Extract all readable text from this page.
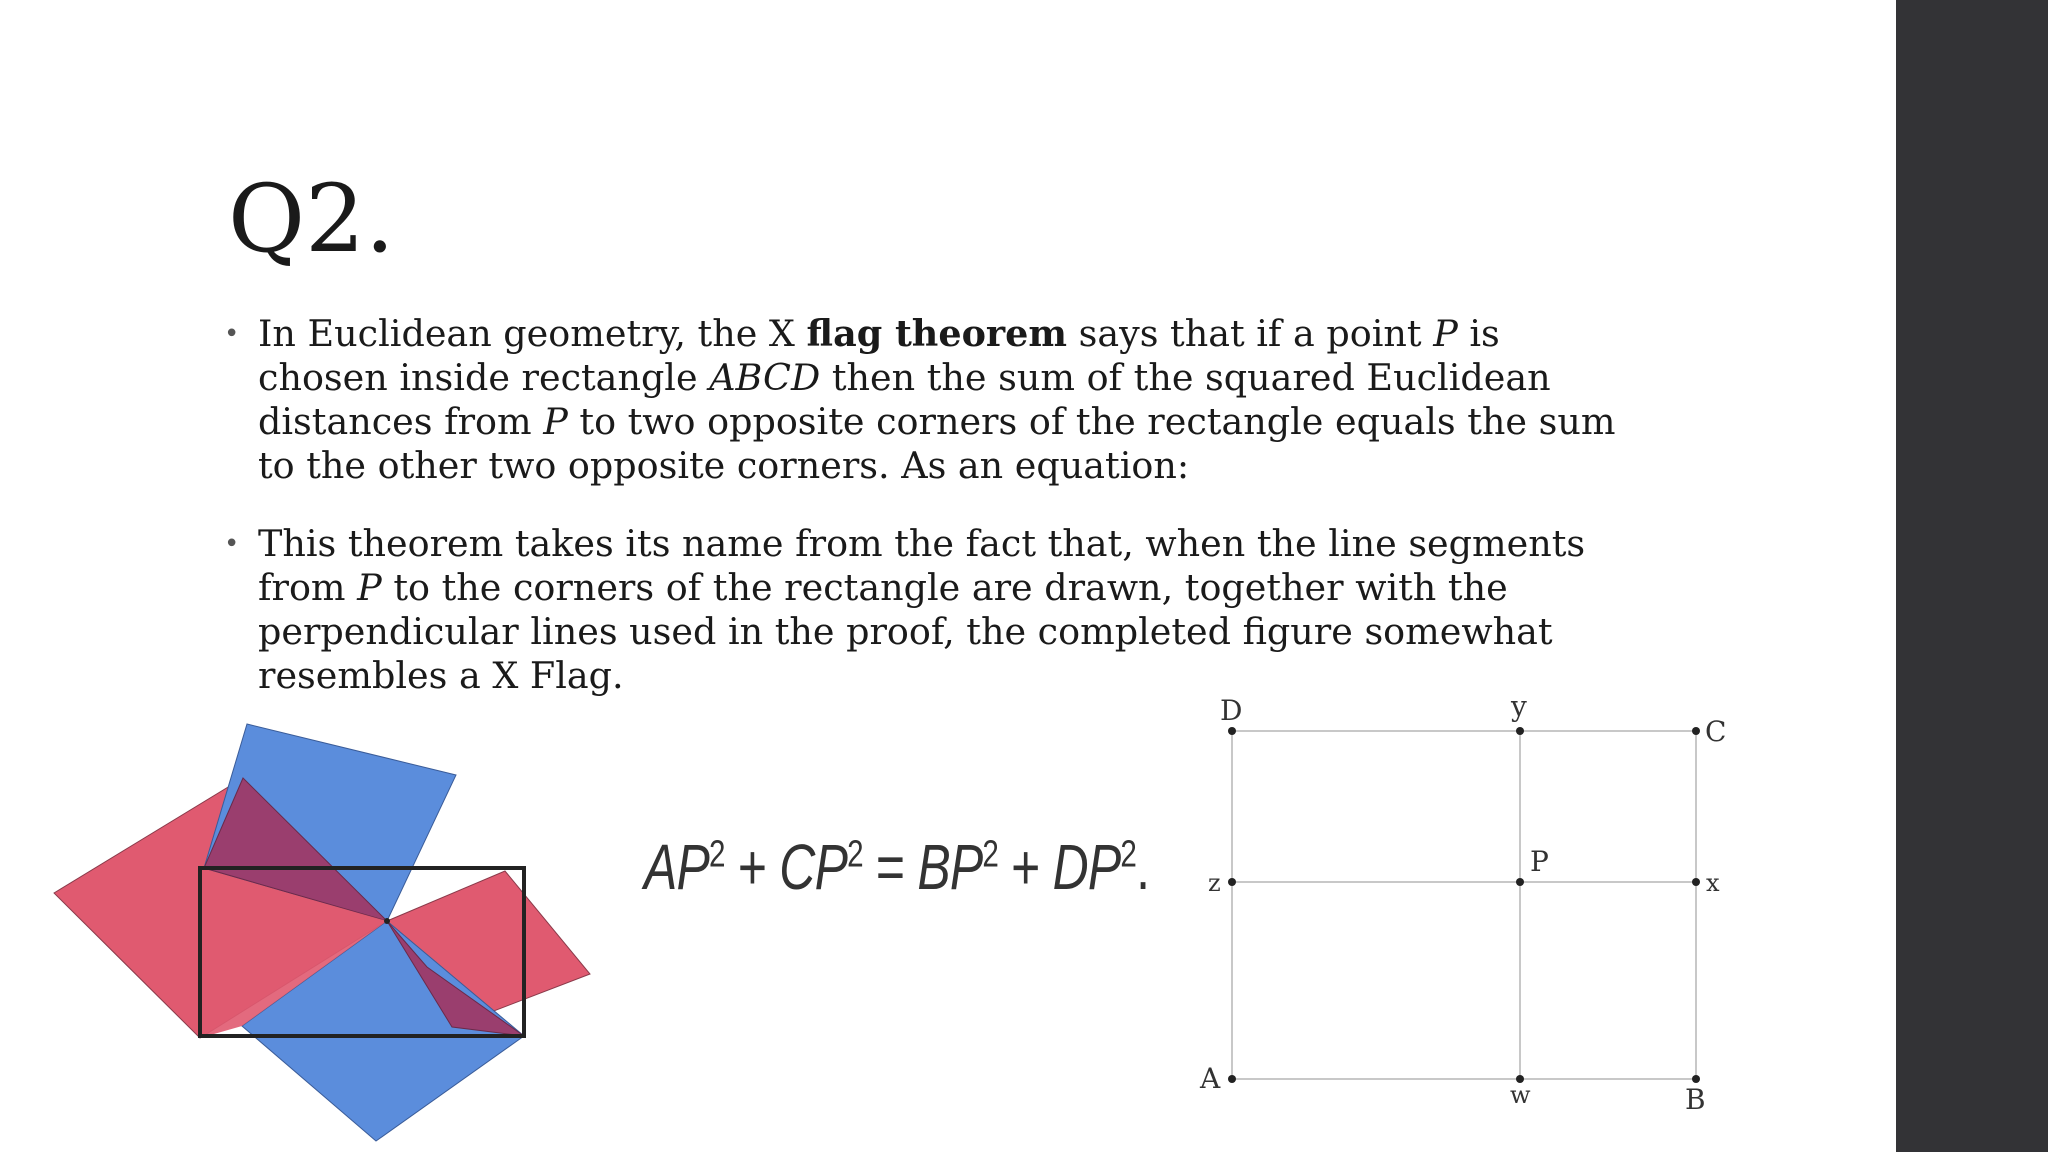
Q2.
• In Euclidean geometry, the X flag theorem says that if a point P is chosen inside rectangle ABCD then the sum of the squared Euclidean distances from P to two opposite corners of the rectangle equals the sum to the other two opposite corners. As an equation:
• This theorem takes its name from the fact that, when the line segments from P to the corners of the rectangle are drawn, together with the perpendicular lines used in the proof, the completed figure somewhat resembles a X Flag.
$AP^2 + CP^2 = BP^2 + DP^2$.
D	y
C
P
z	x
A	w	B
